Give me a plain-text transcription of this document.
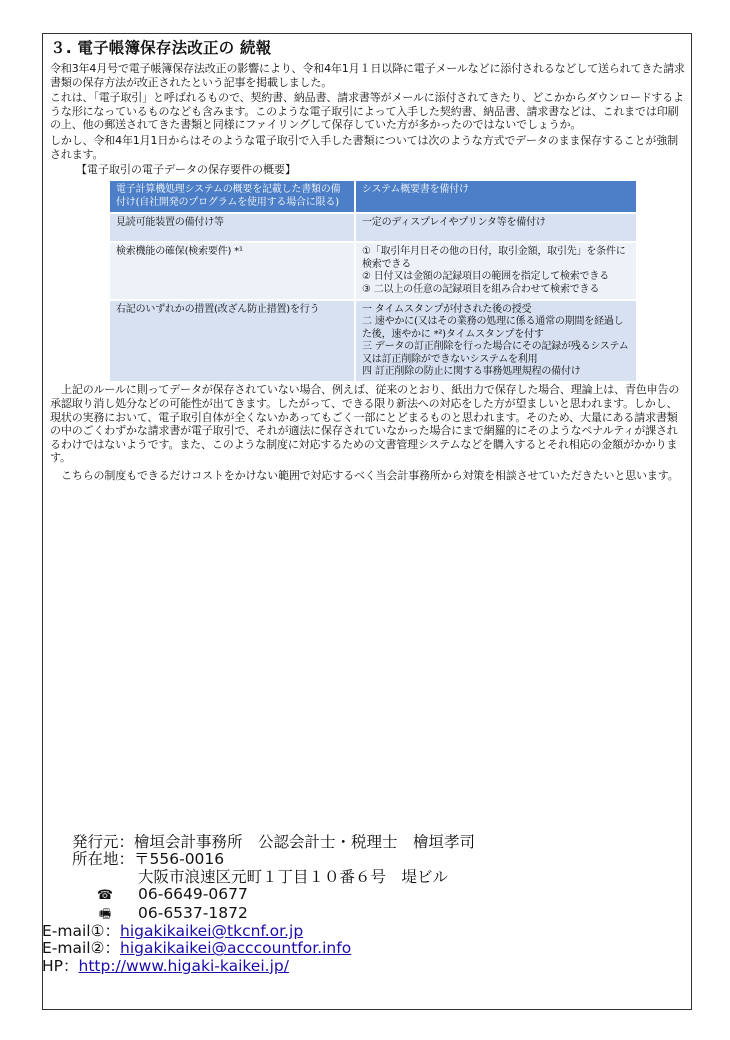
３. 電子帳簿保存法改正の 続報

令和3年4月号で電子帳簿保存法改正の影響により、令和4年1月１日以降に電子メールなどに添付されるなどして送られてきた請求書類の保存方法が改正されたという記事を掲載しました。

これは、「電子取引」と呼ばれるもので、契約書、納品書、請求書等がメールに添付されてきたり、どこかからダウンロードするような形になっているものなども含みます。このような電子取引によって入手した契約書、納品書、請求書などは、これまでは印刷の上、他の郵送されてきた書類と同様にファイリングして保存していた方が多かったのではないでしょうか。

しかし、令和4年1月1日からはそのような電子取引で入手した書類については次のような方式でデータのまま保存することが強制されます。

【電子取引の電子データの保存要件の概要】
電子計算機処理システムの概要を記載した書類の備付け(自社開発のプログラムを使用する場合に限る)	システム概要書を備付け

見読可能装置の備付け等	一定のディスプレイやプリンタ等を備付け

検索機能の確保(検索要件) *¹	①「取引年月日その他の日付，取引金額，取引先」を条件に検索できる
② 日付又は金額の記録項目の範囲を指定して検索できる
③ 二以上の任意の記録項目を組み合わせて検索できる

右記のいずれかの措置(改ざん防止措置)を行う	一 タイムスタンプが付された後の授受
二 速やかに(又はその業務の処理に係る通常の期間を経過した後，速やかに *²)タイムスタンプを付す
三 データの訂正削除を行った場合にその記録が残るシステム又は訂正削除ができないシステムを利用
四 訂正削除の防止に関する事務処理規程の備付け

上記のルールに則ってデータが保存されていない場合、例えば、従来のとおり、紙出力で保存した場合、理論上は、青色申告の承認取り消し処分などの可能性が出てきます。したがって、できる限り新法への対応をした方が望ましいと思われます。しかし、現状の実務において、電子取引自体が全くないかあってもごく一部にとどまるものと思われます。そのため、大量にある請求書類の中のごくわずかな請求書が電子取引で、それが適法に保存されていなかった場合にまで網羅的にそのようなペナルティが課されるわけではないようです。また、このような制度に対応するための文書管理システムなどを購入するとそれ相応の金額がかかります。

こちらの制度もできるだけコストをかけない範囲で対応するべく当会計事務所から対策を相談させていただきたいと思います。

発行元：檜垣会計事務所　公認会計士・税理士　檜垣孝司
所在地：〒556-0016
大阪市浪速区元町１丁目１０番６号　堤ビル
☎ 06-6649-0677
🖷 06-6537-1872
E-mail①：higakikaikei@tkcnf.or.jp
E-mail②：higakikaikei@acccountfor.info
HP：http://www.higaki-kaikei.jp/
